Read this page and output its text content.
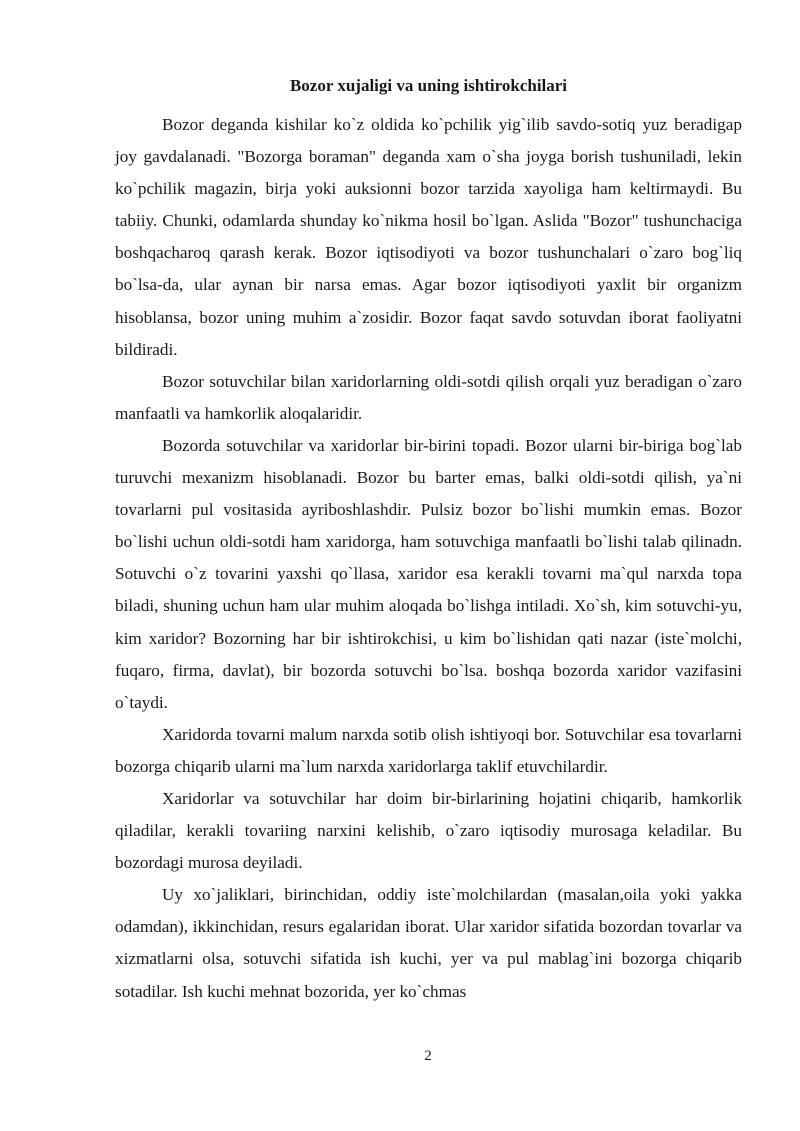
Bozor xujaligi va uning ishtirokchilari

Bozor deganda kishilar ko`z oldida ko`pchilik yig`ilib savdo-sotiq yuz beradigap joy gavdalanadi. "Bozorga boraman" deganda xam o`sha joyga borish tushuniladi, lekin ko`pchilik magazin, birja yoki auksionni bozor tarzida xayoliga ham keltirmaydi. Bu tabiiy. Chunki, odamlarda shunday ko`nikma hosil bo`lgan. Aslida "Bozor" tushunchaciga boshqacharoq qarash kerak. Bozor iqtisodiyoti va bozor tushunchalari o`zaro bog`liq bo`lsa-da, ular aynan bir narsa emas. Agar bozor iqtisodiyoti yaxlit bir organizm hisoblansa, bozor uning muhim a`zosidir. Bozor faqat savdo sotuvdan iborat faoliyatni bildiradi.

Bozor sotuvchilar bilan xaridorlarning oldi-sotdi qilish orqali yuz beradigan o`zaro manfaatli va hamkorlik aloqalaridir.

Bozorda sotuvchilar va xaridorlar bir-birini topadi. Bozor ularni bir-biriga bog`lab turuvchi mexanizm hisoblanadi. Bozor bu barter emas, balki oldi-sotdi qilish, ya`ni tovarlarni pul vositasida ayriboshlashdir. Pulsiz bozor bo`lishi mumkin emas. Bozor bo`lishi uchun oldi-sotdi ham xaridorga, ham sotuvchiga manfaatli bo`lishi talab qilinadn. Sotuvchi o`z tovarini yaxshi qo`llasa, xaridor esa kerakli tovarni ma`qul narxda topa biladi, shuning uchun ham ular muhim aloqada bo`lishga intiladi. Xo`sh, kim sotuvchi-yu, kim xaridor? Bozorning har bir ishtirokchisi, u kim bo`lishidan qati nazar (iste`molchi, fuqaro, firma, davlat), bir bozorda sotuvchi bo`lsa. boshqa bozorda xaridor vazifasini o`taydi.

Xaridorda tovarni malum narxda sotib olish ishtiyoqi bor. Sotuvchilar esa tovarlarni bozorga chiqarib ularni ma`lum narxda xaridorlarga taklif etuvchilardir.

Xaridorlar va sotuvchilar har doim bir-birlarining hojatini chiqarib, hamkorlik qiladilar, kerakli tovariing narxini kelishib, o`zaro iqtisodiy murosaga keladilar. Bu bozordagi murosa deyiladi.

Uy xo`jaliklari, birinchidan, oddiy iste`molchilardan (masalan,oila yoki yakka odamdan), ikkinchidan, resurs egalaridan iborat. Ular xaridor sifatida bozordan tovarlar va xizmatlarni olsa, sotuvchi sifatida ish kuchi, yer va pul mablag`ini bozorga chiqarib sotadilar. Ish kuchi mehnat bozorida, yer ko`chmas

2
